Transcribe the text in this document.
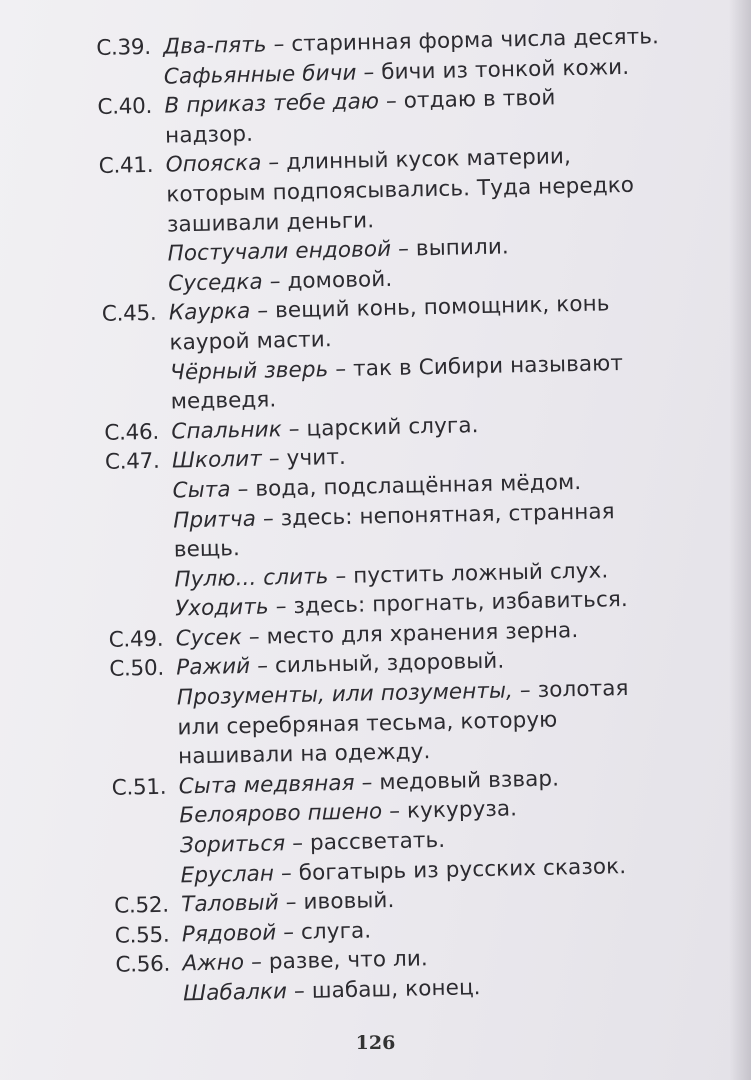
С.39. Два-пять – старинная форма числа десять.
Сафьянные бичи – бичи из тонкой кожи.
С.40. В приказ тебе даю – отдаю в твой
надзор.
С.41. Опояска – длинный кусок материи,
которым подпоясывались. Туда нередко
зашивали деньги.
Постучали ендовой – выпили.
Суседка – домовой.
С.45. Каурка – вещий конь, помощник, конь
каурой масти.
Чёрный зверь – так в Сибири называют
медведя.
С.46. Спальник – царский слуга.
С.47. Школит – учит.
Сыта – вода, подслащённая мёдом.
Притча – здесь: непонятная, странная
вещь.
Пулю... слить – пустить ложный слух.
Уходить – здесь: прогнать, избавиться.
С.49. Сусек – место для хранения зерна.
С.50. Ражий – сильный, здоровый.
Прозументы, или позументы, – золотая
или серебряная тесьма, которую
нашивали на одежду.
С.51. Сыта медвяная – медовый взвар.
Белоярово пшено – кукуруза.
Зориться – рассветать.
Еруслан – богатырь из русских сказок.
С.52. Таловый – ивовый.
С.55. Рядовой – слуга.
С.56. Ажно – разве, что ли.
Шабалки – шабаш, конец.
126
